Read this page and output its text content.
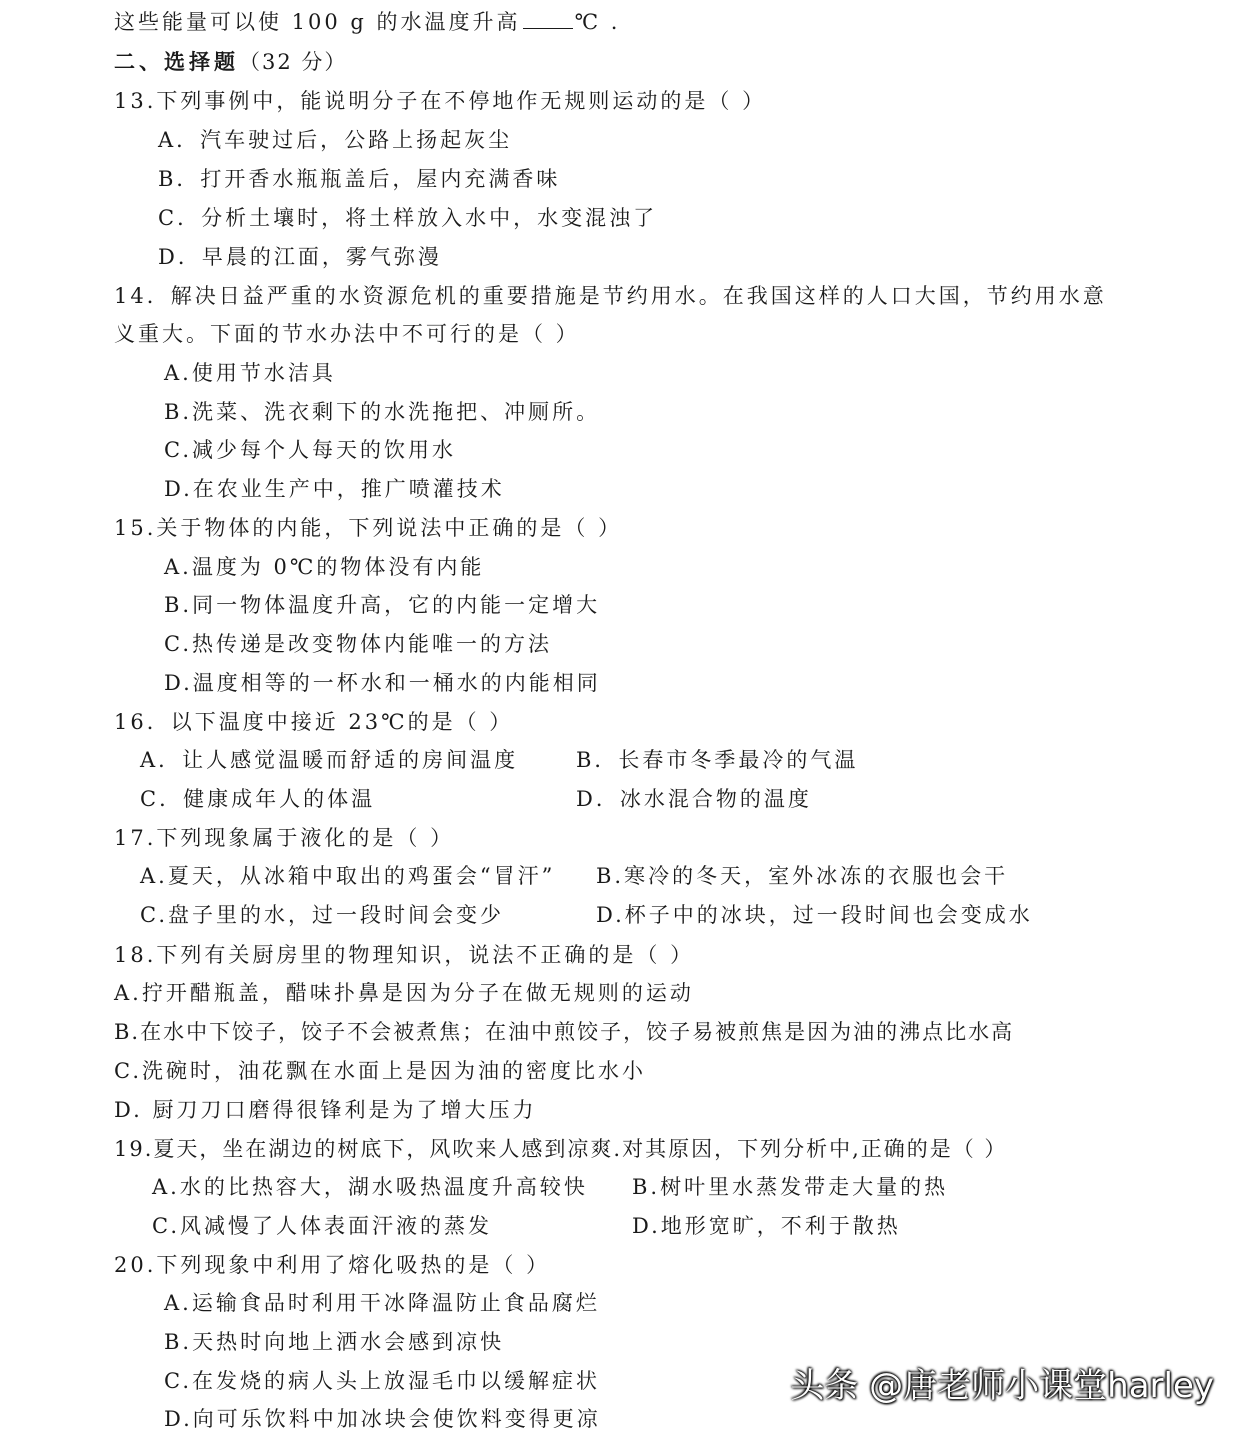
这些能量可以使 100 g 的水温度升高	℃ .
二、选择题（32 分）
13.下列事例中，能说明分子在不停地作无规则运动的是（ ）
A．汽车驶过后，公路上扬起灰尘
B．打开香水瓶瓶盖后，屋内充满香味
C．分析土壤时，将土样放入水中，水变混浊了
D．早晨的江面，雾气弥漫
14．解决日益严重的水资源危机的重要措施是节约用水。在我国这样的人口大国，节约用水意
义重大。下面的节水办法中不可行的是（ ）
A.使用节水洁具
B.洗菜、洗衣剩下的水洗拖把、冲厕所。
C.减少每个人每天的饮用水
D.在农业生产中，推广喷灌技术
15.关于物体的内能，下列说法中正确的是（ ）
A.温度为 0℃的物体没有内能
B.同一物体温度升高，它的内能一定增大
C.热传递是改变物体内能唯一的方法
D.温度相等的一杯水和一桶水的内能相同
16．以下温度中接近 23℃的是（ ）
A．让人感觉温暖而舒适的房间温度	B．长春市冬季最冷的气温
C．健康成年人的体温	D．冰水混合物的温度
17.下列现象属于液化的是（ ）
A.夏天，从冰箱中取出的鸡蛋会“冒汗” B.寒冷的冬天，室外冰冻的衣服也会干
C.盘子里的水，过一段时间会变少	D.杯子中的冰块，过一段时间也会变成水
18.下列有关厨房里的物理知识，说法不正确的是（ ）
A.拧开醋瓶盖，醋味扑鼻是因为分子在做无规则的运动
B.在水中下饺子，饺子不会被煮焦；在油中煎饺子，饺子易被煎焦是因为油的沸点比水高
C.洗碗时，油花飘在水面上是因为油的密度比水小
D. 厨刀刀口磨得很锋利是为了增大压力
19.夏天，坐在湖边的树底下，风吹来人感到凉爽.对其原因，下列分析中,正确的是（ ）
A.水的比热容大，湖水吸热温度升高较快 B.树叶里水蒸发带走大量的热
C.风减慢了人体表面汗液的蒸发	D.地形宽旷，不利于散热
20.下列现象中利用了熔化吸热的是（ ）
A.运输食品时利用干冰降温防止食品腐烂
B.天热时向地上洒水会感到凉快
C.在发烧的病人头上放湿毛巾以缓解症状
D.向可乐饮料中加冰块会使饮料变得更凉
头条 @唐老师小课堂harley
